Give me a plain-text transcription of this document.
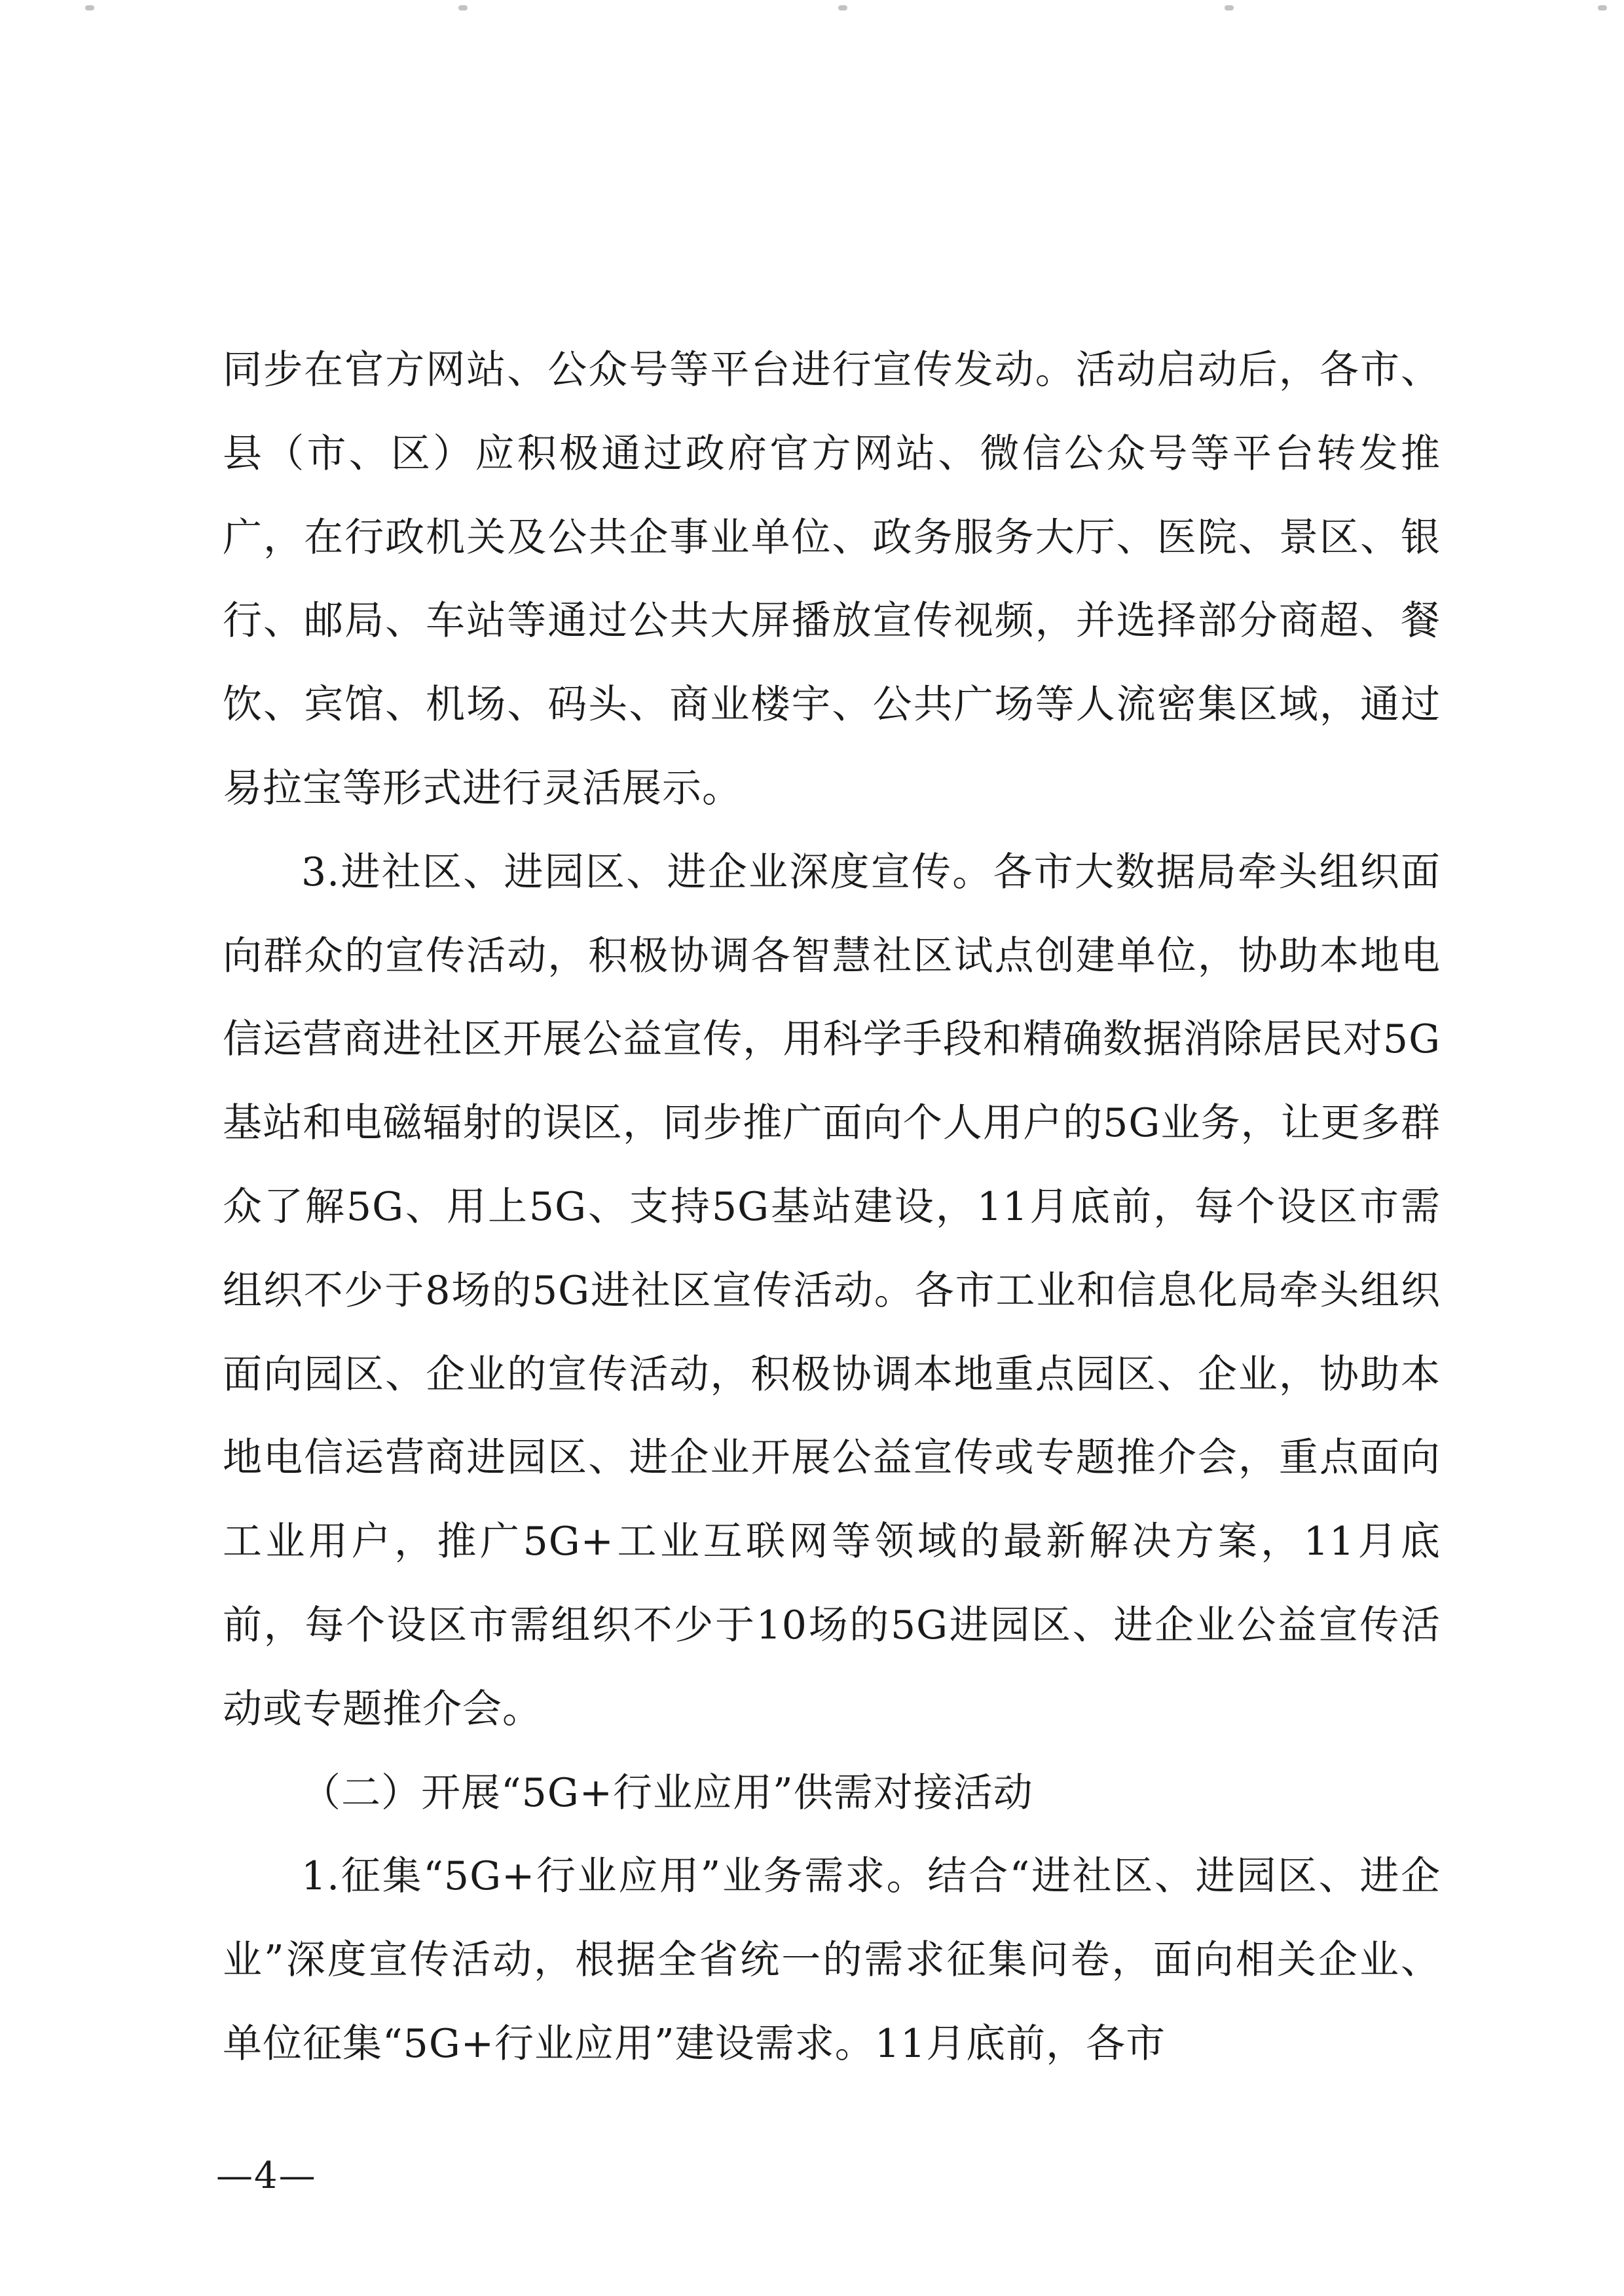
同步在官方网站、公众号等平台进行宣传发动。活动启动后，各市、县（市、区）应积极通过政府官方网站、微信公众号等平台转发推广，在行政机关及公共企事业单位、政务服务大厅、医院、景区、银行、邮局、车站等通过公共大屏播放宣传视频，并选择部分商超、餐饮、宾馆、机场、码头、商业楼宇、公共广场等人流密集区域，通过易拉宝等形式进行灵活展示。

3.进社区、进园区、进企业深度宣传。各市大数据局牵头组织面向群众的宣传活动，积极协调各智慧社区试点创建单位，协助本地电信运营商进社区开展公益宣传，用科学手段和精确数据消除居民对5G基站和电磁辐射的误区，同步推广面向个人用户的5G业务，让更多群众了解5G、用上5G、支持5G基站建设，11月底前，每个设区市需组织不少于8场的5G进社区宣传活动。各市工业和信息化局牵头组织面向园区、企业的宣传活动，积极协调本地重点园区、企业，协助本地电信运营商进园区、进企业开展公益宣传或专题推介会，重点面向工业用户，推广5G+工业互联网等领域的最新解决方案，11月底前，每个设区市需组织不少于10场的5G进园区、进企业公益宣传活动或专题推介会。

（二）开展“5G+行业应用”供需对接活动

1.征集“5G+行业应用”业务需求。结合“进社区、进园区、进企业”深度宣传活动，根据全省统一的需求征集问卷，面向相关企业、单位征集“5G+行业应用”建设需求。11月底前，各市

—4—
